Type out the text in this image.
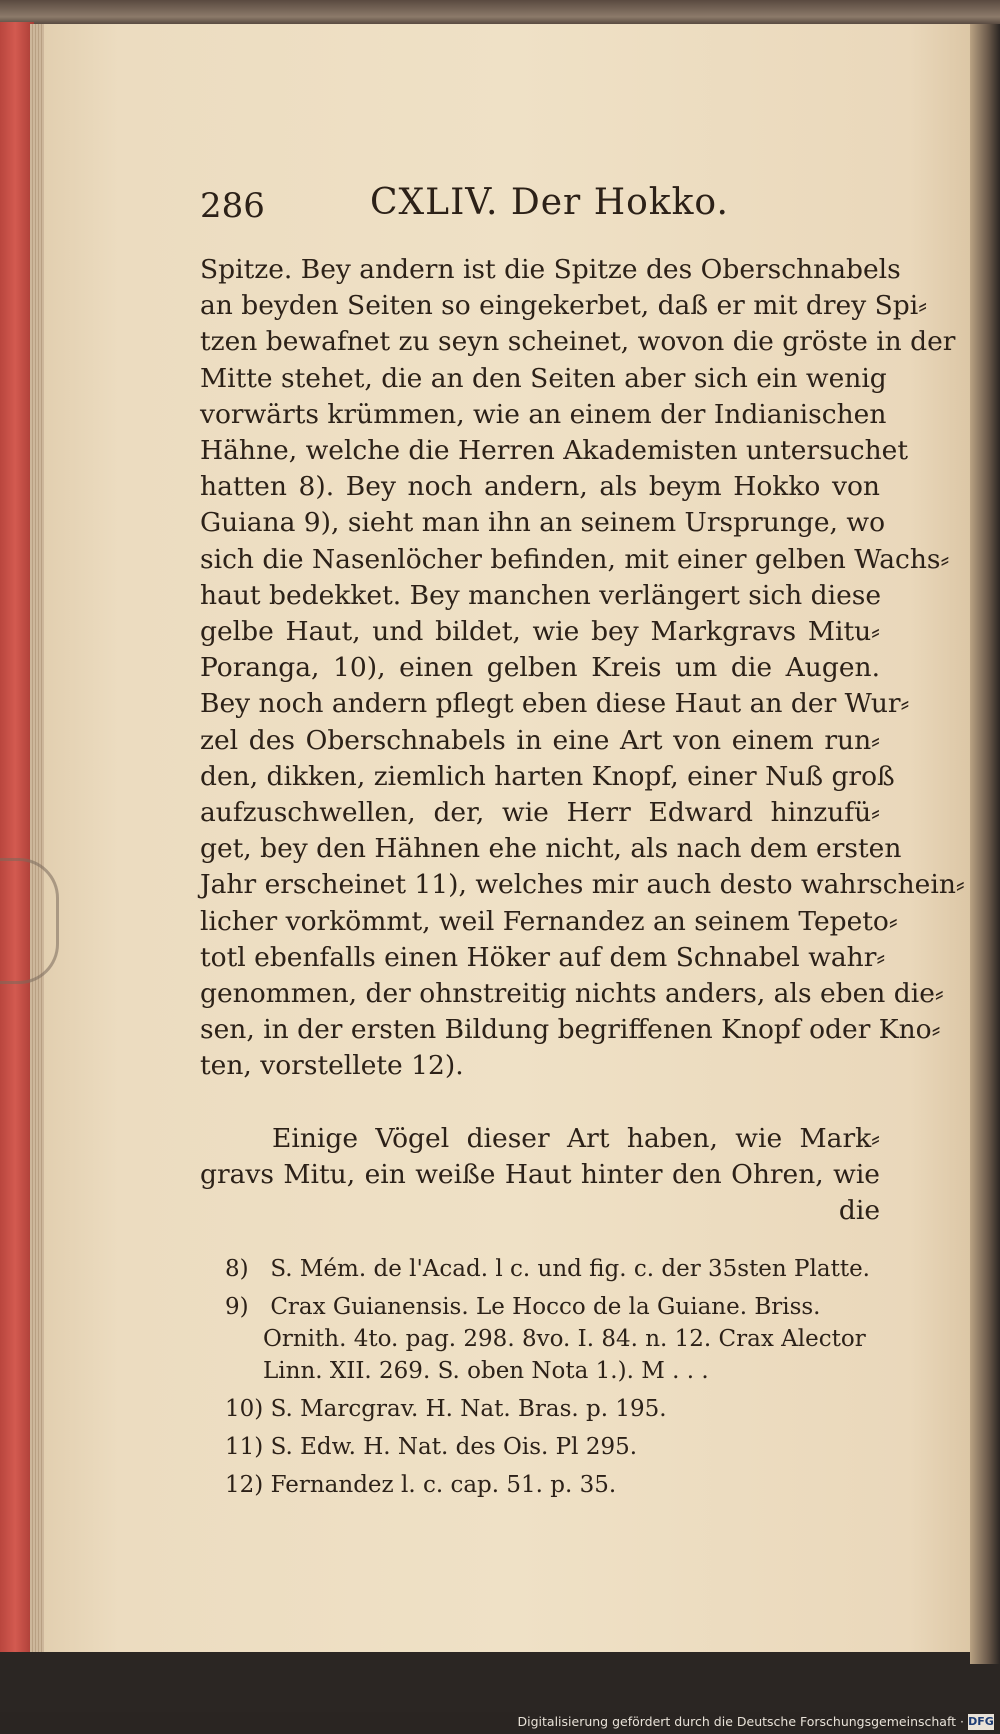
286	CXLIV. Der Hokko.
Spitze. Bey andern ist die Spitze des Oberschnabels
an beyden Seiten so eingekerbet, daß er mit drey Spi⸗
tzen bewafnet zu seyn scheinet, wovon die gröste in der
Mitte stehet, die an den Seiten aber sich ein wenig
vorwärts krümmen, wie an einem der Indianischen
Hähne, welche die Herren Akademisten untersuchet
hatten 8). Bey noch andern, als beym Hokko von
Guiana 9), sieht man ihn an seinem Ursprunge, wo
sich die Nasenlöcher befinden, mit einer gelben Wachs⸗
haut bedekket. Bey manchen verlängert sich diese
gelbe Haut, und bildet, wie bey Markgravs Mitu⸗
Poranga, 10), einen gelben Kreis um die Augen.
Bey noch andern pflegt eben diese Haut an der Wur⸗
zel des Oberschnabels in eine Art von einem run⸗
den, dikken, ziemlich harten Knopf, einer Nuß groß
aufzuschwellen, der, wie Herr Edward hinzufü⸗
get, bey den Hähnen ehe nicht, als nach dem ersten
Jahr erscheinet 11), welches mir auch desto wahrschein⸗
licher vorkömmt, weil Fernandez an seinem Tepeto⸗
totl ebenfalls einen Höker auf dem Schnabel wahr⸗
genommen, der ohnstreitig nichts anders, als eben die⸗
sen, in der ersten Bildung begriffenen Knopf oder Kno⸗
ten, vorstellete 12).
Einige Vögel dieser Art haben, wie Mark⸗
gravs Mitu, ein weiße Haut hinter den Ohren, wie
die
8) S. Mém. de l'Acad. l c. und fig. c. der 35sten Platte.
9) Crax Guianensis. Le Hocco de la Guiane. Briss.
Ornith. 4to. pag. 298. 8vo. I. 84. n. 12. Crax Alector
Linn. XII. 269. S. oben Nota 1.). M . . .
10) S. Marcgrav. H. Nat. Bras. p. 195.
11) S. Edw. H. Nat. des Ois. Pl 295.
12) Fernandez l. c. cap. 51. p. 35.
Digitalisierung gefördert durch die Deutsche Forschungsgemeinschaft · DFG
